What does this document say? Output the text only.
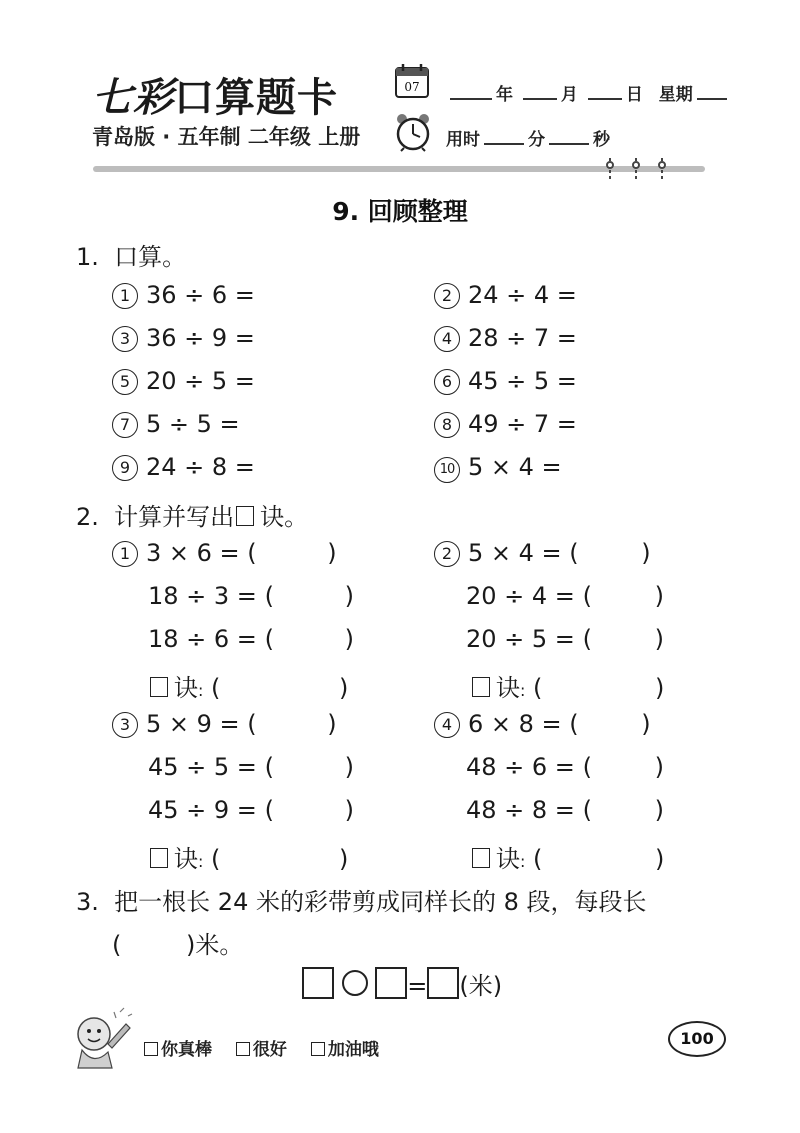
七彩口算题卡
青岛版 · 五年制 二年级 上册
07	年	月	日 星期
用时	分	秒
9. 回顾整理
1. 口算。
1 36 ÷ 6 =	2 24 ÷ 4 =
3 36 ÷ 9 =	4 28 ÷ 7 =
5 20 ÷ 5 =	6 45 ÷ 5 =
7 5 ÷ 5 =	8 49 ÷ 7 =
9 24 ÷ 8 =	10 5 × 4 =
2. 计算并写出 诀。
1 3 × 6 = (	)
18 ÷ 3 = (	)
18 ÷ 6 = (	)
诀: (	)
2 5 × 4 = (	)
20 ÷ 4 = (	)
20 ÷ 5 = (	)
诀: (	)
3 5 × 9 = (	)
45 ÷ 5 = (	)
45 ÷ 9 = (	)
诀: (	)
4 6 × 8 = (	)
48 ÷ 6 = (	)
48 ÷ 8 = (	)
诀: (	)
3. 把一根长 24 米的彩带剪成同样长的 8 段，每段长
(	)米。
= (米)
你真棒 很好 加油哦
100
